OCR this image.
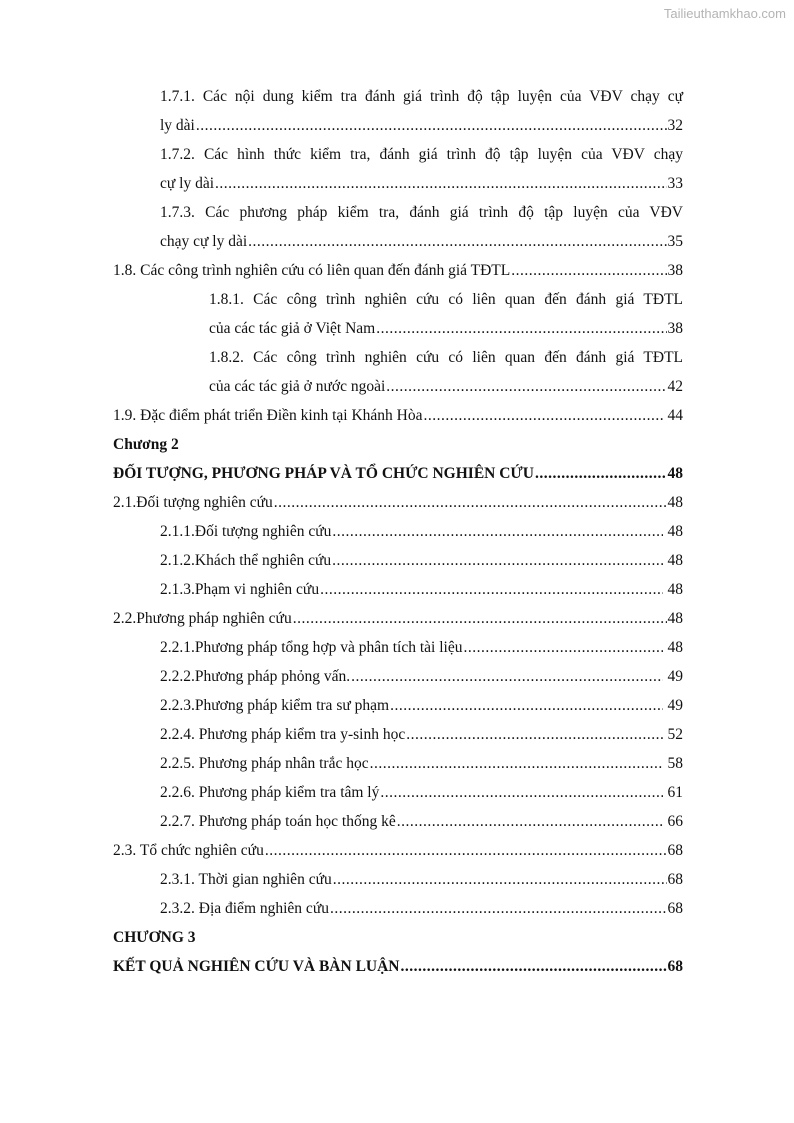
Tailieuthamkhao.com
1.7.1. Các nội dung kiểm tra đánh giá trình độ tập luyện của VĐV chạy cự
ly dài .....	32
1.7.2. Các hình thức kiểm tra, đánh giá trình độ tập luyện của VĐV chạy
cự ly dài .....	33
1.7.3. Các phương pháp kiểm tra, đánh giá trình độ tập luyện của VĐV
chạy cự ly dài .....	35
1.8. Các công trình nghiên cứu có liên quan đến đánh giá TĐTL .....	38
1.8.1. Các công trình nghiên cứu có liên quan đến đánh giá TĐTL
của các tác giả ở Việt Nam .....	38
1.8.2. Các công trình nghiên cứu có liên quan đến đánh giá TĐTL
của các tác giả ở nước ngoài .....	42
1.9. Đặc điểm phát triển Điền kinh tại Khánh Hòa .....	44
Chương 2
ĐỐI TƯỢNG, PHƯƠNG PHÁP VÀ TỔ CHỨC NGHIÊN CỨU .....	48
2.1.Đối tượng nghiên cứu .....	48
2.1.1.Đối tượng nghiên cứu .....	48
2.1.2.Khách thể nghiên cứu .....	48
2.1.3.Phạm vi nghiên cứu .....	48
2.2.Phương pháp nghiên cứu .....	48
2.2.1.Phương pháp tổng hợp và phân tích tài liệu .....	48
2.2.2.Phương pháp phỏng vấn. .....	49
2.2.3.Phương pháp kiểm tra sư phạm .....	49
2.2.4. Phương pháp kiểm tra y-sinh học .....	52
2.2.5. Phương pháp nhân trắc học .....	58
2.2.6. Phương pháp kiểm tra tâm lý .....	61
2.2.7. Phương pháp toán học thống kê .....	66
2.3. Tổ chức nghiên cứu .....	68
2.3.1. Thời gian nghiên cứu .....	68
2.3.2. Địa điểm nghiên cứu .....	68
CHƯƠNG 3
KẾT QUẢ NGHIÊN CỨU VÀ BÀN LUẬN .....	68
